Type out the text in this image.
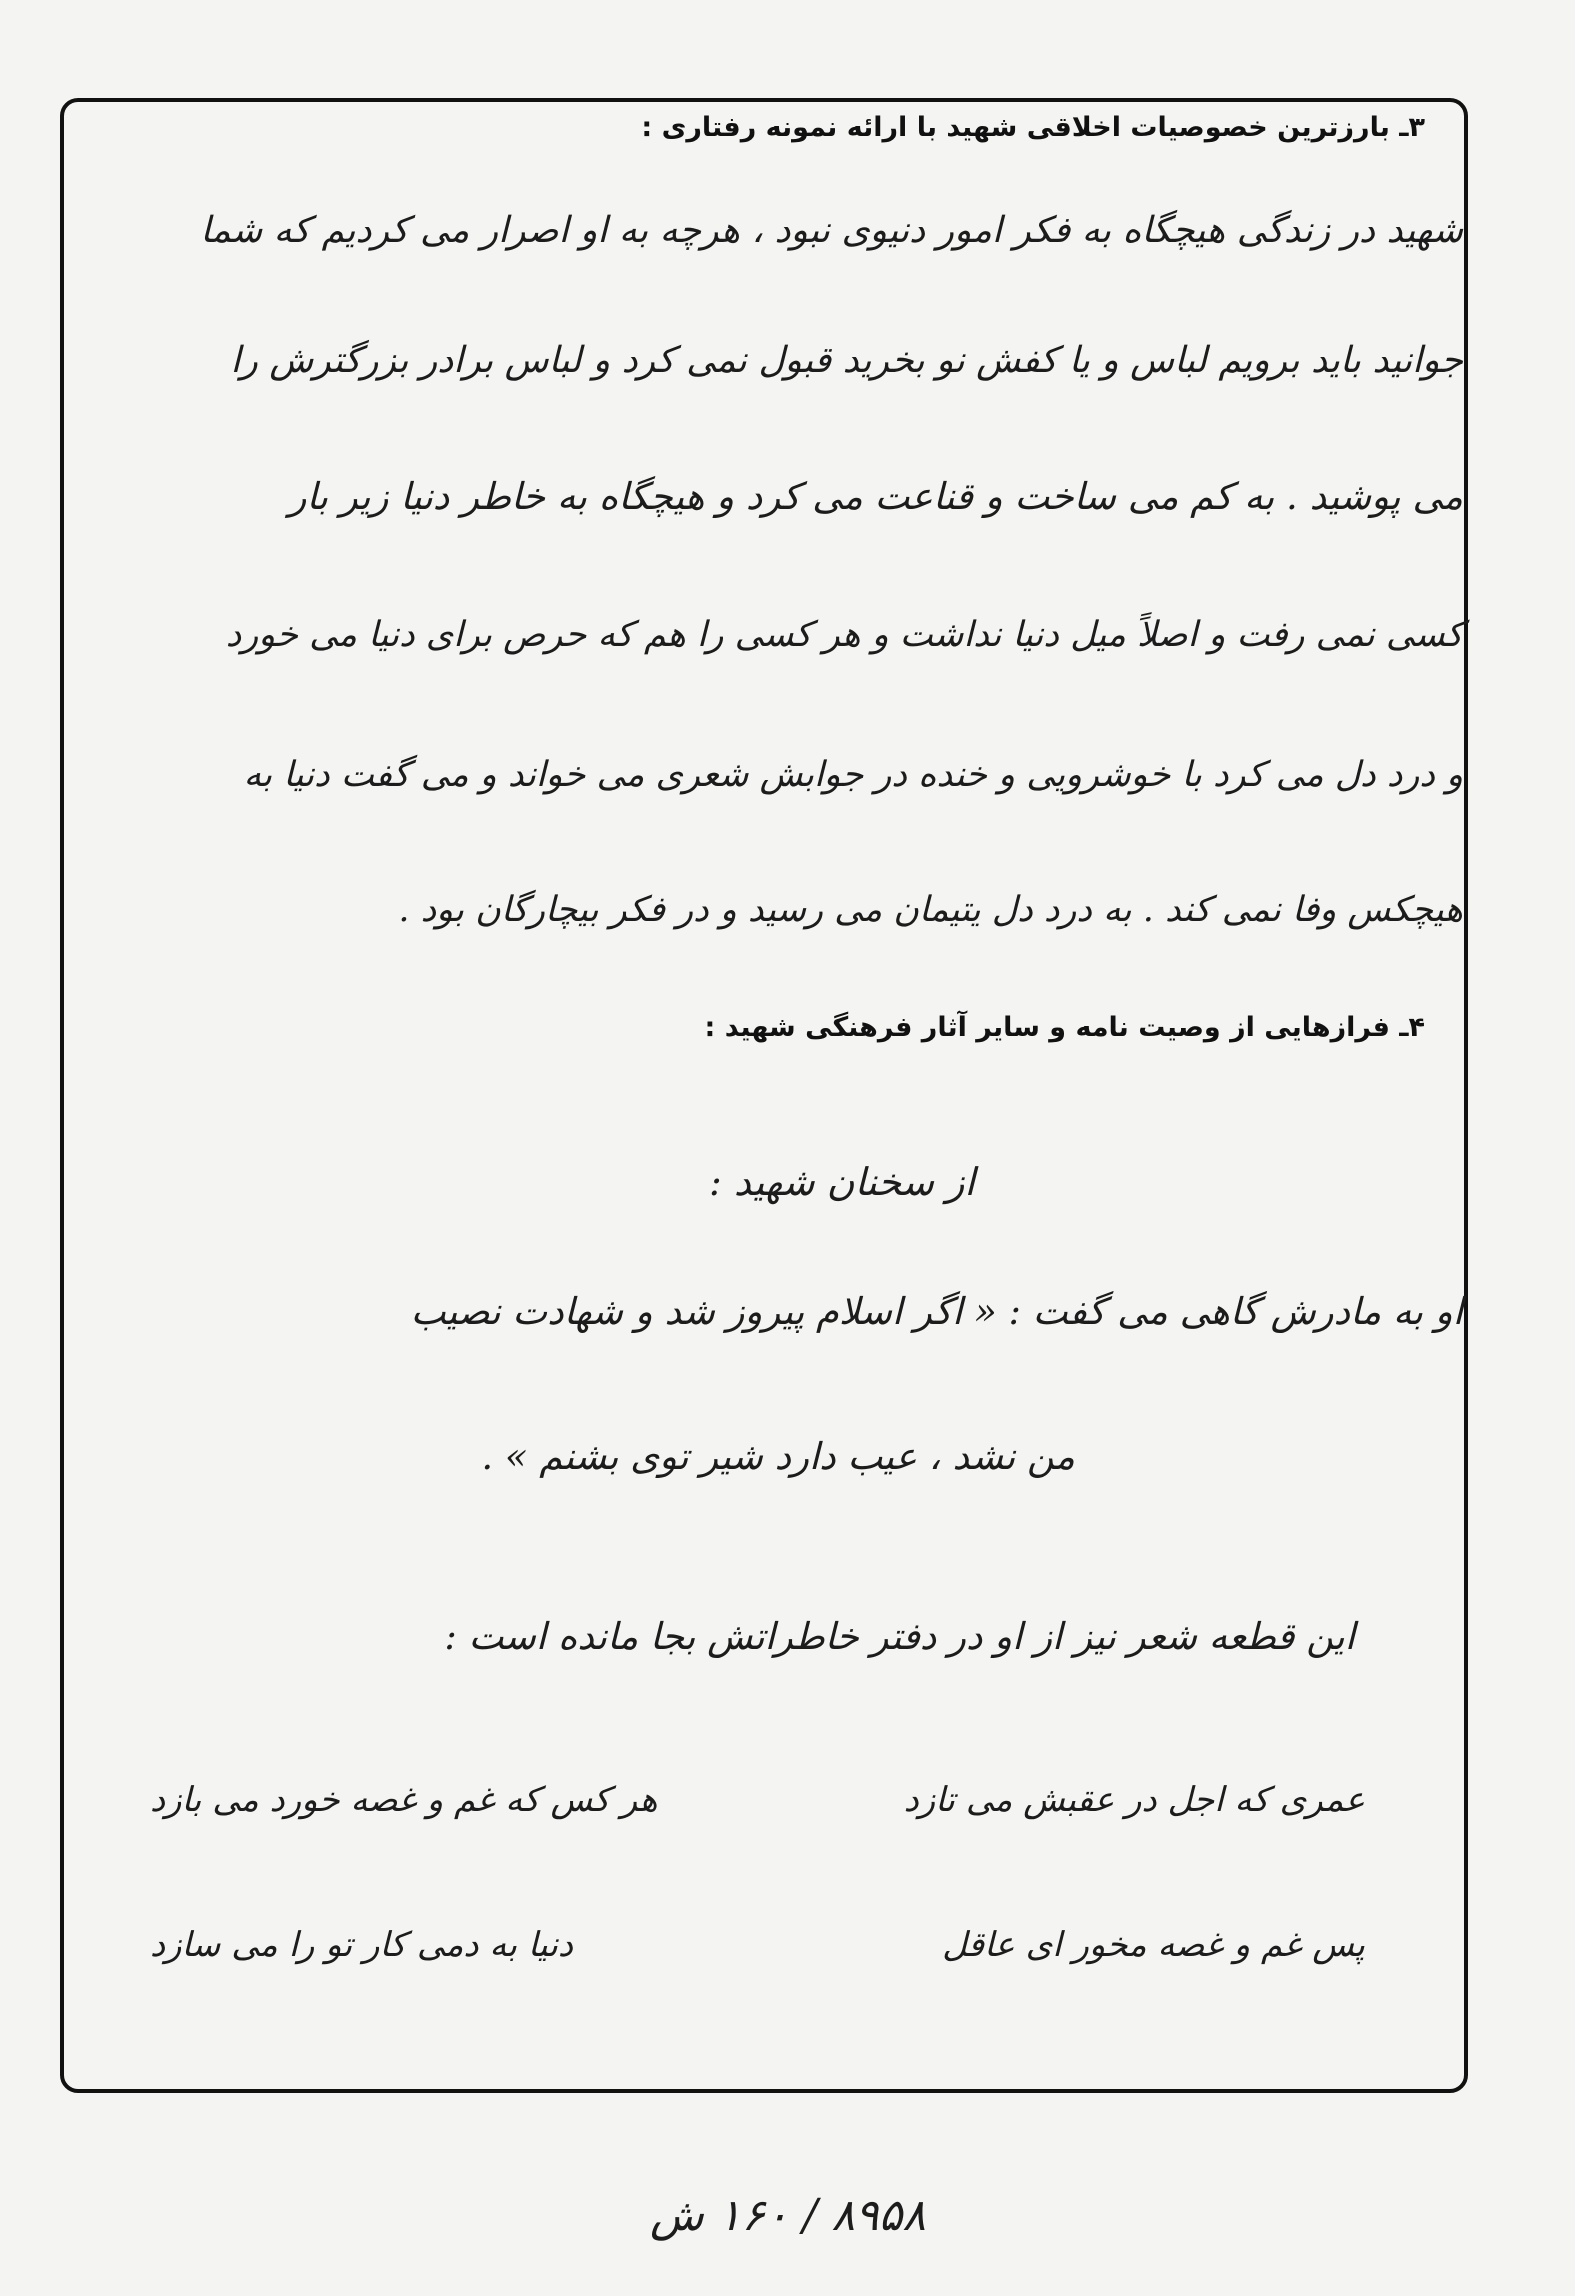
۳ـ بارزترین خصوصیات اخلاقی شهید با ارائه نمونه رفتاری :
شهید در زندگی هیچگاه به فکر امور دنیوی نبود ، هرچه به او اصرار می کردیم که شما
جوانید باید برویم لباس و یا کفش نو بخرید قبول نمی کرد و لباس برادر بزرگترش را
می پوشید . به کم می ساخت و قناعت می کرد و هیچگاه به خاطر دنیا زیر بار
کسی نمی رفت و اصلاً میل دنیا نداشت و هر کسی را هم که حرص برای دنیا می خورد
و درد دل می کرد با خوشرویی و خنده در جوابش شعری می خواند و می گفت دنیا به
هیچکس وفا نمی کند . به درد دل یتیمان می رسید و در فکر بیچارگان بود .
۴ـ فرازهایی از وصیت نامه و سایر آثار فرهنگی شهید :
از سخنان شهید :
او به مادرش گاهی می گفت : « اگر اسلام پیروز شد و شهادت نصیب
من نشد ، عیب دارد شیر توی بشنم » .
این قطعه شعر نیز از او در دفتر خاطراتش بجا مانده است :
عمری که اجل در عقبش می تازد
هر کس که غم و غصه خورد می بازد
پس غم و غصه مخور ای عاقل
دنیا به دمی کار تو را می سازد
۸۹۵۸ / ۱۶۰ ش
